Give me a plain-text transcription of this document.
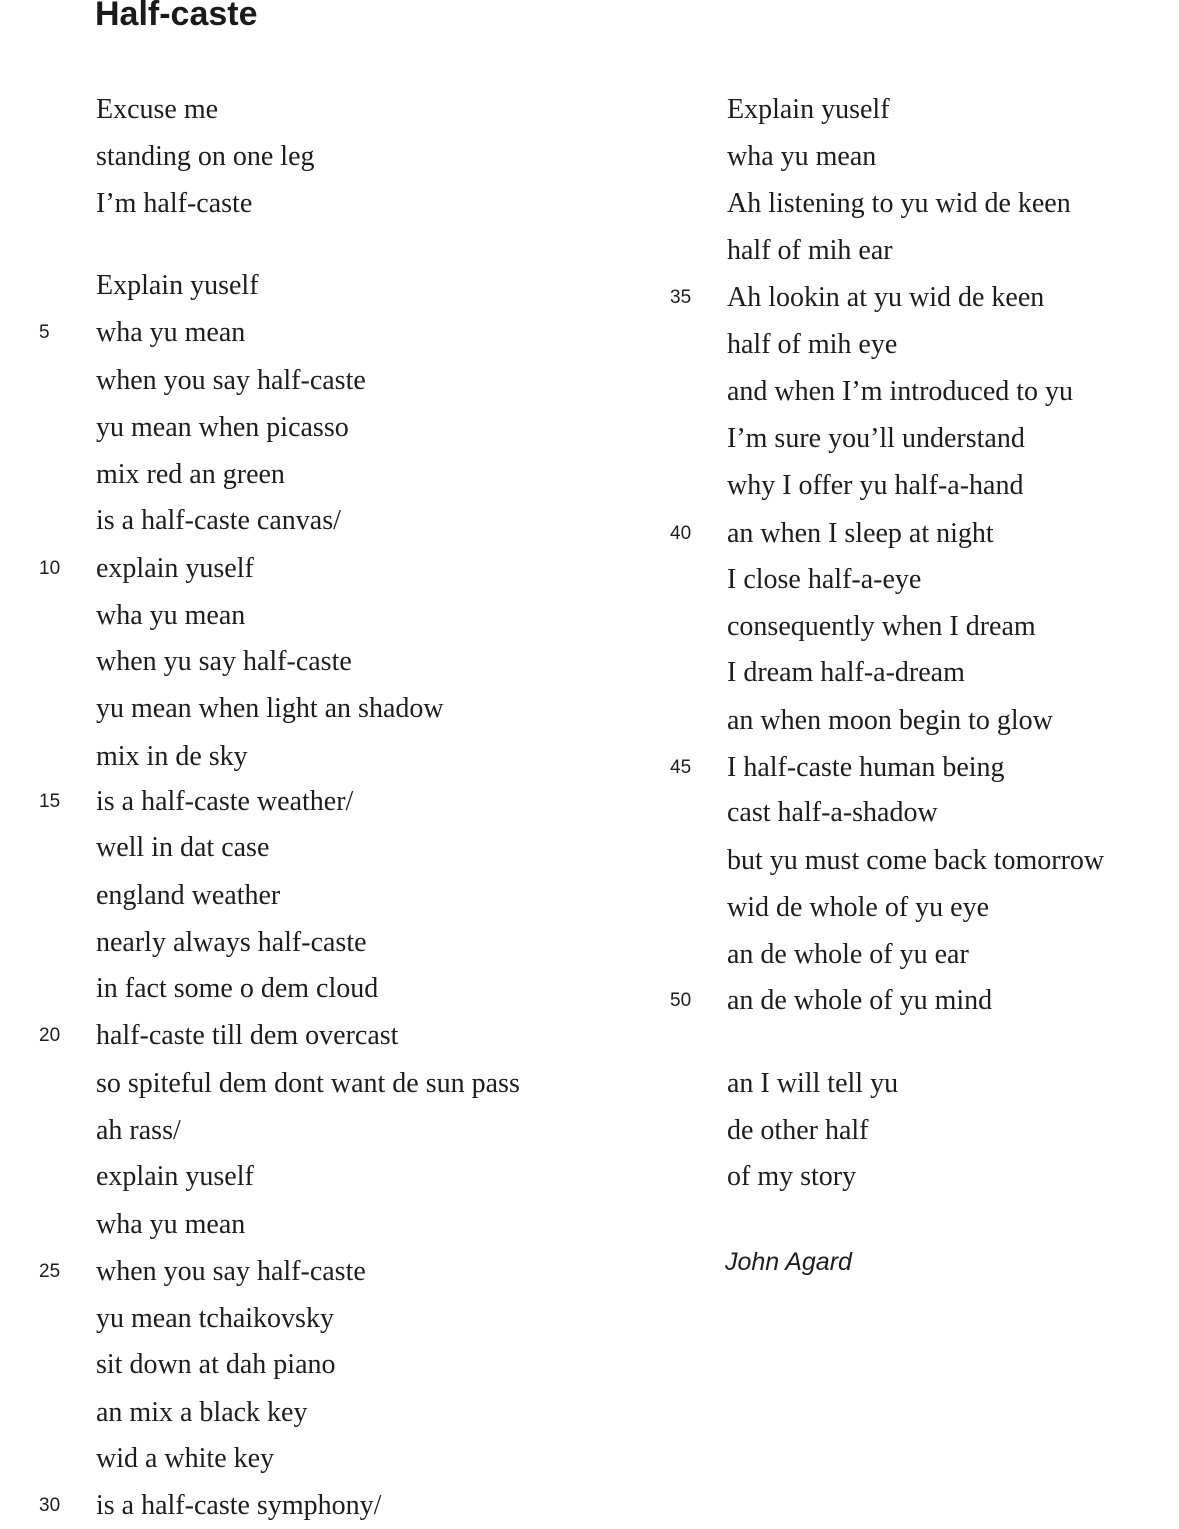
Half-caste
Excuse me
standing on one leg
I’m half-caste
Explain yuself
5 wha yu mean
when you say half-caste
yu mean when picasso
mix red an green
is a half-caste canvas/
10 explain yuself
wha yu mean
when yu say half-caste
yu mean when light an shadow
mix in de sky
15 is a half-caste weather/
well in dat case
england weather
nearly always half-caste
in fact some o dem cloud
20 half-caste till dem overcast
so spiteful dem dont want de sun pass
ah rass/
explain yuself
wha yu mean
25 when you say half-caste
yu mean tchaikovsky
sit down at dah piano
an mix a black key
wid a white key
30 is a half-caste symphony/
Explain yuself
wha yu mean
Ah listening to yu wid de keen
half of mih ear
35 Ah lookin at yu wid de keen
half of mih eye
and when I’m introduced to yu
I’m sure you’ll understand
why I offer yu half-a-hand
40 an when I sleep at night
I close half-a-eye
consequently when I dream
I dream half-a-dream
an when moon begin to glow
45 I half-caste human being
cast half-a-shadow
but yu must come back tomorrow
wid de whole of yu eye
an de whole of yu ear
50 an de whole of yu mind
an I will tell yu
de other half
of my story
John Agard
